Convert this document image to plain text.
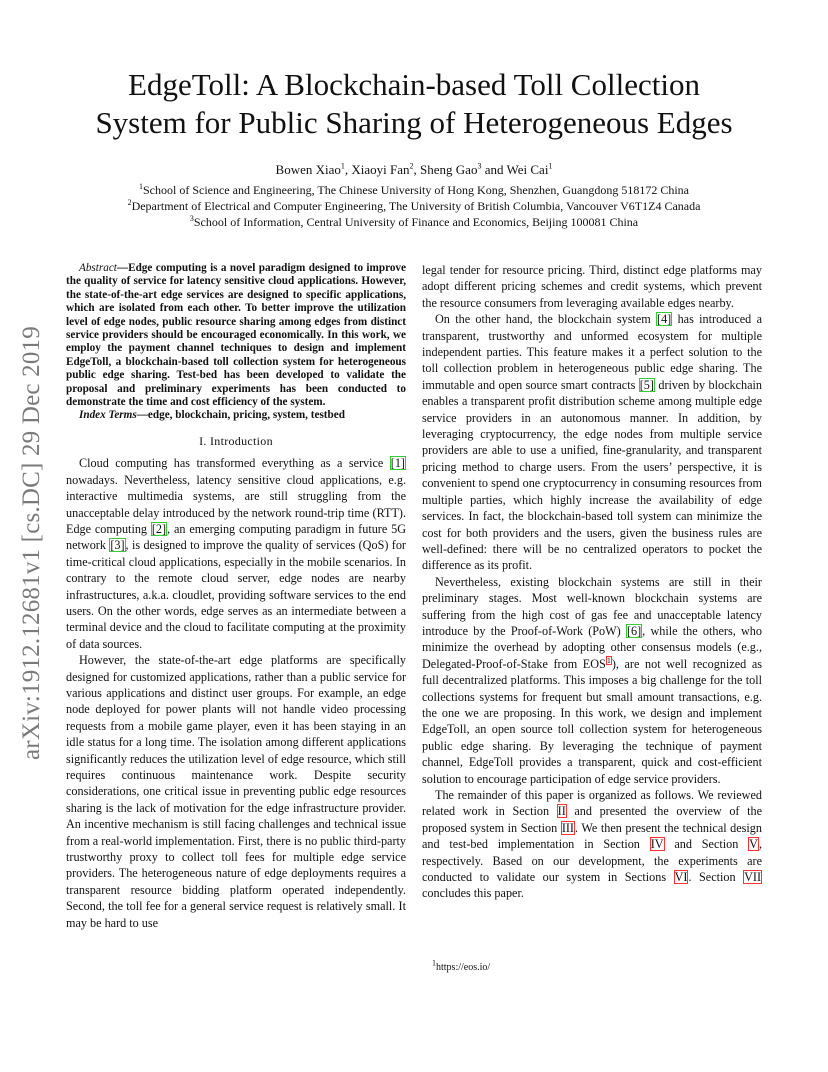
arXiv:1912.12681v1 [cs.DC] 29 Dec 2019
EdgeToll: A Blockchain-based Toll Collection
System for Public Sharing of Heterogeneous Edges
Bowen Xiao$^1$, Xiaoyi Fan$^2$, Sheng Gao$^3$ and Wei Cai$^1$
$^1$School of Science and Engineering, The Chinese University of Hong Kong, Shenzhen, Guangdong 518172 China
$^2$Department of Electrical and Computer Engineering, The University of British Columbia, Vancouver V6T1Z4 Canada
$^3$School of Information, Central University of Finance and Economics, Beijing 100081 China

Abstract—Edge computing is a novel paradigm designed to improve the quality of service for latency sensitive cloud applications. However, the state-of-the-art edge services are designed to specific applications, which are isolated from each other. To better improve the utilization level of edge nodes, public resource sharing among edges from distinct service providers should be encouraged economically. In this work, we employ the payment channel techniques to design and implement EdgeToll, a blockchain-based toll collection system for heterogeneous public edge sharing. Test-bed has been developed to validate the proposal and preliminary experiments has been conducted to demonstrate the time and cost efficiency of the system.

Index Terms—edge, blockchain, pricing, system, testbed

I. Introduction

Cloud computing has transformed everything as a service [1] nowadays. Nevertheless, latency sensitive cloud applications, e.g. interactive multimedia systems, are still struggling from the unacceptable delay introduced by the network round-trip time (RTT). Edge computing [2], an emerging computing paradigm in future 5G network [3], is designed to improve the quality of services (QoS) for time-critical cloud applications, especially in the mobile scenarios. In contrary to the remote cloud server, edge nodes are nearby infrastructures, a.k.a. cloudlet, providing software services to the end users. On the other words, edge serves as an intermediate between a terminal device and the cloud to facilitate computing at the proximity of data sources.

However, the state-of-the-art edge platforms are specifically designed for customized applications, rather than a public service for various applications and distinct user groups. For example, an edge node deployed for power plants will not handle video processing requests from a mobile game player, even it has been staying in an idle status for a long time. The isolation among different applications significantly reduces the utilization level of edge resource, which still requires continuous maintenance work. Despite security considerations, one critical issue in preventing public edge resources sharing is the lack of motivation for the edge infrastructure provider. An incentive mechanism is still facing challenges and technical issue from a real-world implementation. First, there is no public third-party trustworthy proxy to collect toll fees for multiple edge service providers. The heterogeneous nature of edge deployments requires a transparent resource bidding platform operated independently. Second, the toll fee for a general service request is relatively small. It may be hard to use

legal tender for resource pricing. Third, distinct edge platforms may adopt different pricing schemes and credit systems, which prevent the resource consumers from leveraging available edges nearby.

On the other hand, the blockchain system [4] has introduced a transparent, trustworthy and unformed ecosystem for multiple independent parties. This feature makes it a perfect solution to the toll collection problem in heterogeneous public edge sharing. The immutable and open source smart contracts [5] driven by blockchain enables a transparent profit distribution scheme among multiple edge service providers in an autonomous manner. In addition, by leveraging cryptocurrency, the edge nodes from multiple service providers are able to use a unified, fine-granularity, and transparent pricing method to charge users. From the users’ perspective, it is convenient to spend one cryptocurrency in consuming resources from multiple parties, which highly increase the availability of edge services. In fact, the blockchain-based toll system can minimize the cost for both providers and the users, given the business rules are well-defined: there will be no centralized operators to pocket the difference as its profit.

Nevertheless, existing blockchain systems are still in their preliminary stages. Most well-known blockchain systems are suffering from the high cost of gas fee and unacceptable latency introduce by the Proof-of-Work (PoW) [6], while the others, who minimize the overhead by adopting other consensus models (e.g., Delegated-Proof-of-Stake from EOS$^1$), are not well recognized as full decentralized platforms. This imposes a big challenge for the toll collections systems for frequent but small amount transactions, e.g. the one we are proposing. In this work, we design and implement EdgeToll, an open source toll collection system for heterogeneous public edge sharing. By leveraging the technique of payment channel, EdgeToll provides a transparent, quick and cost-efficient solution to encourage participation of edge service providers.

The remainder of this paper is organized as follows. We reviewed related work in Section II and presented the overview of the proposed system in Section III. We then present the technical design and test-bed implementation in Section IV and Section V, respectively. Based on our development, the experiments are conducted to validate our system in Sections VI. Section VII concludes this paper.

$^1$https://eos.io/
